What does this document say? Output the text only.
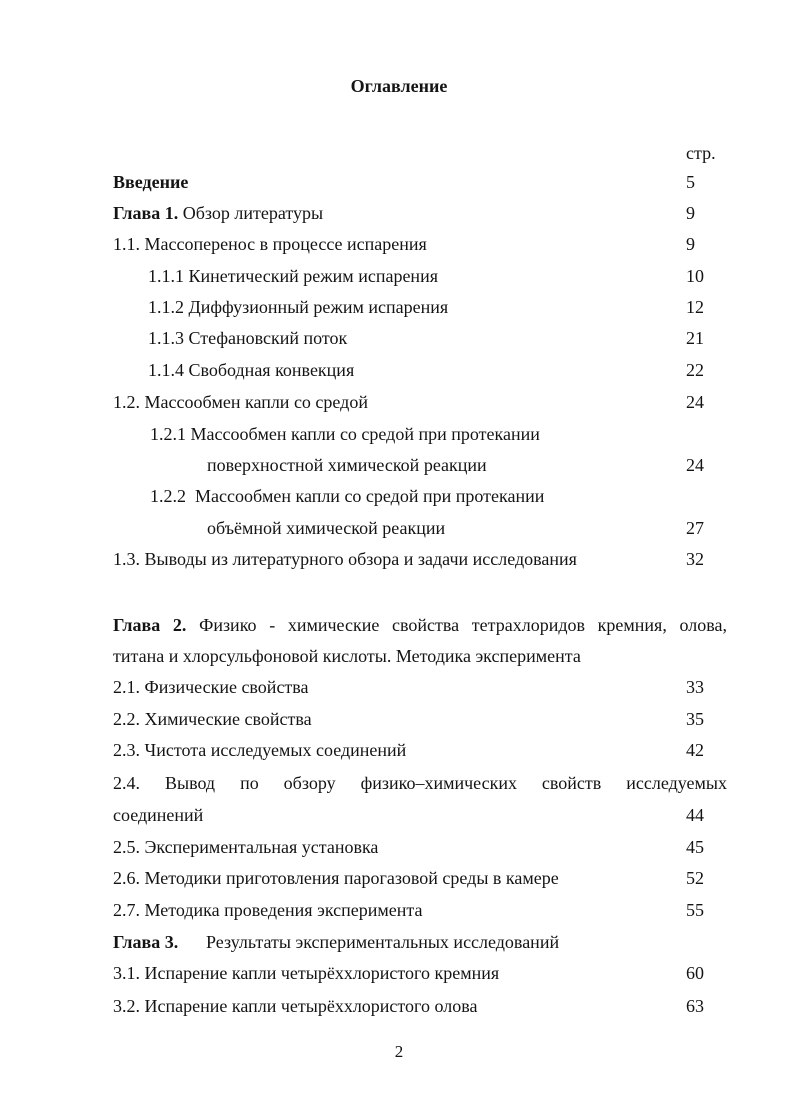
Оглавление
стр.
Введение	5
Глава 1. Обзор литературы	9
1.1. Массоперенос в процессе испарения	9
1.1.1 Кинетический режим испарения	10
1.1.2 Диффузионный режим испарения	12
1.1.3 Стефановский поток	21
1.1.4 Свободная конвекция	22
1.2. Массообмен капли со средой	24
1.2.1 Массообмен капли со средой при протекании
поверхностной химической реакции	24
1.2.2  Массообмен капли со средой при протекании
объёмной химической реакции	27
1.3. Выводы из литературного обзора и задачи исследования	32
Глава 2. Физико - химические свойства тетрахлоридов кремния, олова,
титана и хлорсульфоновой кислоты. Методика эксперимента
2.1. Физические свойства	33
2.2. Химические свойства	35
2.3. Чистота исследуемых соединений	42
2.4. Вывод по обзору физико–химических свойств исследуемых
соединений	44
2.5. Экспериментальная установка	45
2.6. Методики приготовления парогазовой среды в камере	52
2.7. Методика проведения эксперимента	55
Глава 3. Результаты экспериментальных исследований
3.1. Испарение капли четырёххлористого кремния	60
3.2. Испарение капли четырёххлористого олова	63
2
